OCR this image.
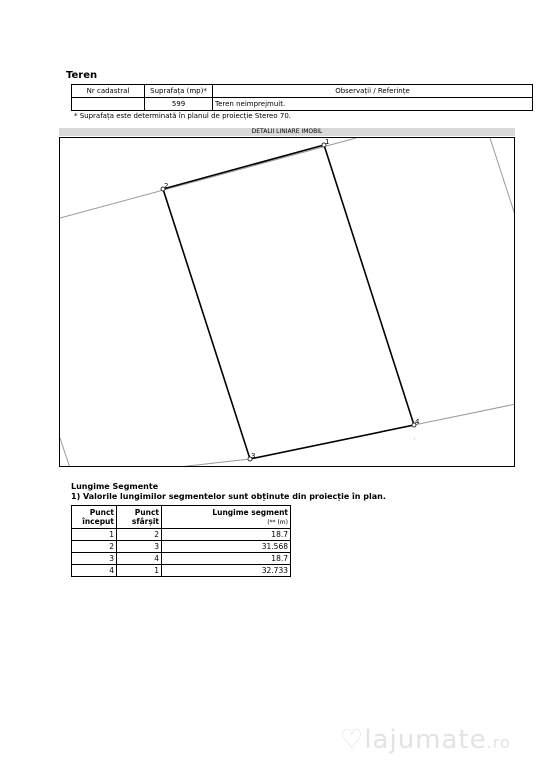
Teren
Nr cadastral	Suprafața (mp)*	Observații / Referințe
	599	Teren neimprejmuit.
* Suprafața este determinată în planul de proiecție Stereo 70.
DETALII LINIARE IMOBIL
1
2
3
4
ʻ
Lungime Segmente
1) Valorile lungimilor segmentelor sunt obținute din proiecție în plan.
Punct început	Punct sfârșit	Lungime segment
(** (m)
1	2	18.7
2	3	31.568
3	4	18.7
4	1	32.733
♡lajumate.ro
